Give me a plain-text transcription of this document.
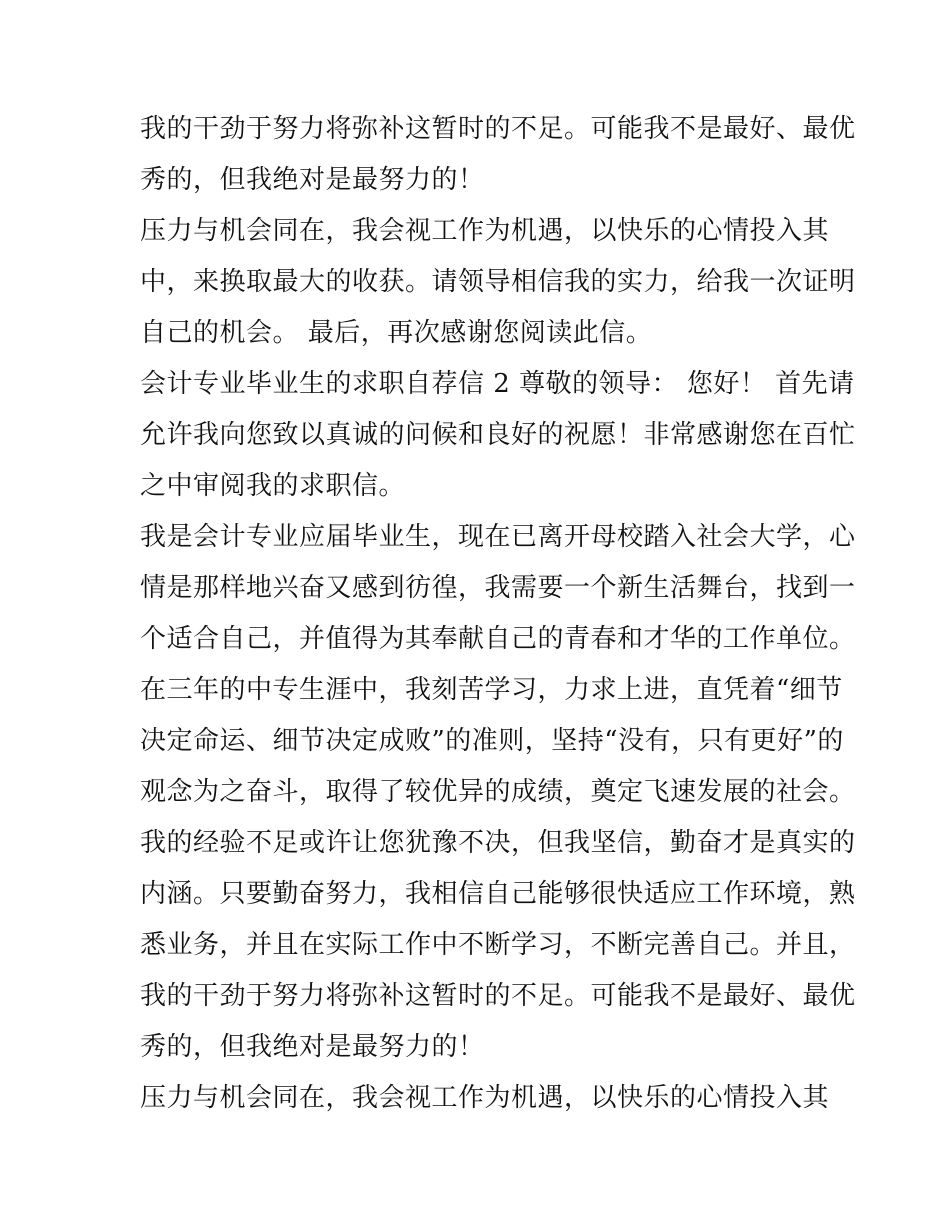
我的干劲于努力将弥补这暂时的不足。可能我不是最好、最优
秀的，但我绝对是最努力的！
压力与机会同在，我会视工作为机遇，以快乐的心情投入其
中，来换取最大的收获。请领导相信我的实力，给我一次证明
自己的机会。 最后，再次感谢您阅读此信。
会计专业毕业生的求职自荐信 2 尊敬的领导： 您好！ 首先请
允许我向您致以真诚的问候和良好的祝愿！非常感谢您在百忙
之中审阅我的求职信。
我是会计专业应届毕业生，现在已离开母校踏入社会大学，心
情是那样地兴奋又感到彷徨，我需要一个新生活舞台，找到一
个适合自己，并值得为其奉献自己的青春和才华的工作单位。
在三年的中专生涯中，我刻苦学习，力求上进，直凭着“细节
决定命运、细节决定成败”的准则，坚持“没有，只有更好”的
观念为之奋斗，取得了较优异的成绩，奠定飞速发展的社会。
我的经验不足或许让您犹豫不决，但我坚信，勤奋才是真实的
内涵。只要勤奋努力，我相信自己能够很快适应工作环境，熟
悉业务，并且在实际工作中不断学习，不断完善自己。并且，
我的干劲于努力将弥补这暂时的不足。可能我不是最好、最优
秀的，但我绝对是最努力的！
压力与机会同在，我会视工作为机遇，以快乐的心情投入其
